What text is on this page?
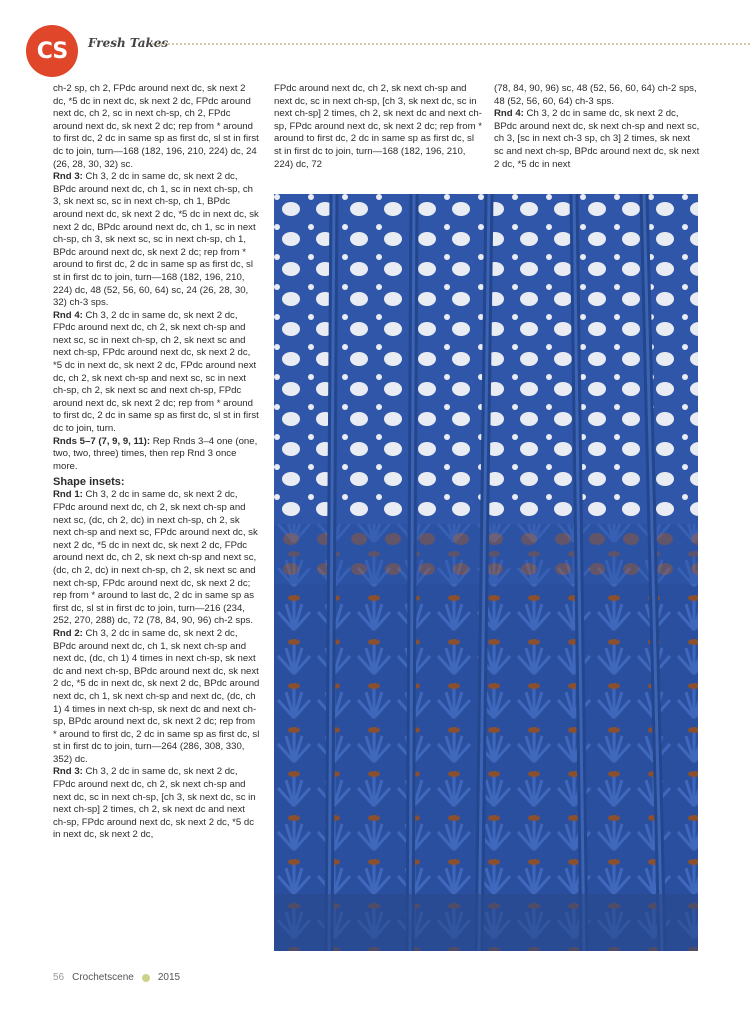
CS	Fresh Takes

ch-2 sp, ch 2, FPdc around next dc, sk next 2 dc, *5 dc in next dc, sk next 2 dc, FPdc around next dc, ch 2, sc in next ch-sp, ch 2, FPdc around next dc, sk next 2 dc; rep from * around to first dc, 2 dc in same sp as first dc, sl st in first dc to join, turn—168 (182, 196, 210, 224) dc, 24 (26, 28, 30, 32) sc.

Rnd 3: Ch 3, 2 dc in same dc, sk next 2 dc, BPdc around next dc, ch 1, sc in next ch-sp, ch 3, sk next sc, sc in next ch-sp, ch 1, BPdc around next dc, sk next 2 dc, *5 dc in next dc, sk next 2 dc, BPdc around next dc, ch 1, sc in next ch-sp, ch 3, sk next sc, sc in next ch-sp, ch 1, BPdc around next dc, sk next 2 dc; rep from * around to first dc, 2 dc in same sp as first dc, sl st in first dc to join, turn—168 (182, 196, 210, 224) dc, 48 (52, 56, 60, 64) sc, 24 (26, 28, 30, 32) ch-3 sps.

Rnd 4: Ch 3, 2 dc in same dc, sk next 2 dc, FPdc around next dc, ch 2, sk next ch-sp and next sc, sc in next ch-sp, ch 2, sk next sc and next ch-sp, FPdc around next dc, sk next 2 dc, *5 dc in next dc, sk next 2 dc, FPdc around next dc, ch 2, sk next ch-sp and next sc, sc in next ch-sp, ch 2, sk next sc and next ch-sp, FPdc around next dc, sk next 2 dc; rep from * around to first dc, 2 dc in same sp as first dc, sl st in first dc to join, turn.

Rnds 5–7 (7, 9, 9, 11): Rep Rnds 3–4 one (one, two, two, three) times, then rep Rnd 3 once more.

Shape insets:

Rnd 1: Ch 3, 2 dc in same dc, sk next 2 dc, FPdc around next dc, ch 2, sk next ch-sp and next sc, (dc, ch 2, dc) in next ch-sp, ch 2, sk next ch-sp and next sc, FPdc around next dc, sk next 2 dc, *5 dc in next dc, sk next 2 dc, FPdc around next dc, ch 2, sk next ch-sp and next sc, (dc, ch 2, dc) in next ch-sp, ch 2, sk next sc and next ch-sp, FPdc around next dc, sk next 2 dc; rep from * around to last dc, 2 dc in same sp as first dc, sl st in first dc to join, turn—216 (234, 252, 270, 288) dc, 72 (78, 84, 90, 96) ch-2 sps.

Rnd 2: Ch 3, 2 dc in same dc, sk next 2 dc, BPdc around next dc, ch 1, sk next ch-sp and next dc, (dc, ch 1) 4 times in next ch-sp, sk next dc and next ch-sp, BPdc around next dc, sk next 2 dc, *5 dc in next dc, sk next 2 dc, BPdc around next dc, ch 1, sk next ch-sp and next dc, (dc, ch 1) 4 times in next ch-sp, sk next dc and next ch-sp, BPdc around next dc, sk next 2 dc; rep from * around to first dc, 2 dc in same sp as first dc, sl st in first dc to join, turn—264 (286, 308, 330, 352) dc.

Rnd 3: Ch 3, 2 dc in same dc, sk next 2 dc, FPdc around next dc, ch 2, sk next ch-sp and next dc, sc in next ch-sp, [ch 3, sk next dc, sc in next ch-sp] 2 times, ch 2, sk next dc and next ch-sp, FPdc around next dc, sk next 2 dc, *5 dc in next dc, sk next 2 dc,

FPdc around next dc, ch 2, sk next ch-sp and next dc, sc in next ch-sp, [ch 3, sk next dc, sc in next ch-sp] 2 times, ch 2, sk next dc and next ch-sp, FPdc around next dc, sk next 2 dc; rep from * around to first dc, 2 dc in same sp as first dc, sl st in first dc to join, turn—168 (182, 196, 210, 224) dc, 72

(78, 84, 90, 96) sc, 48 (52, 56, 60, 64) ch-2 sps, 48 (52, 56, 60, 64) ch-3 sps.

Rnd 4: Ch 3, 2 dc in same dc, sk next 2 dc, BPdc around next dc, sk next ch-sp and next sc, ch 3, [sc in next ch-3 sp, ch 3] 2 times, sk next sc and next ch-sp, BPdc around next dc, sk next 2 dc, *5 dc in next

56 Crochetscene 2015
